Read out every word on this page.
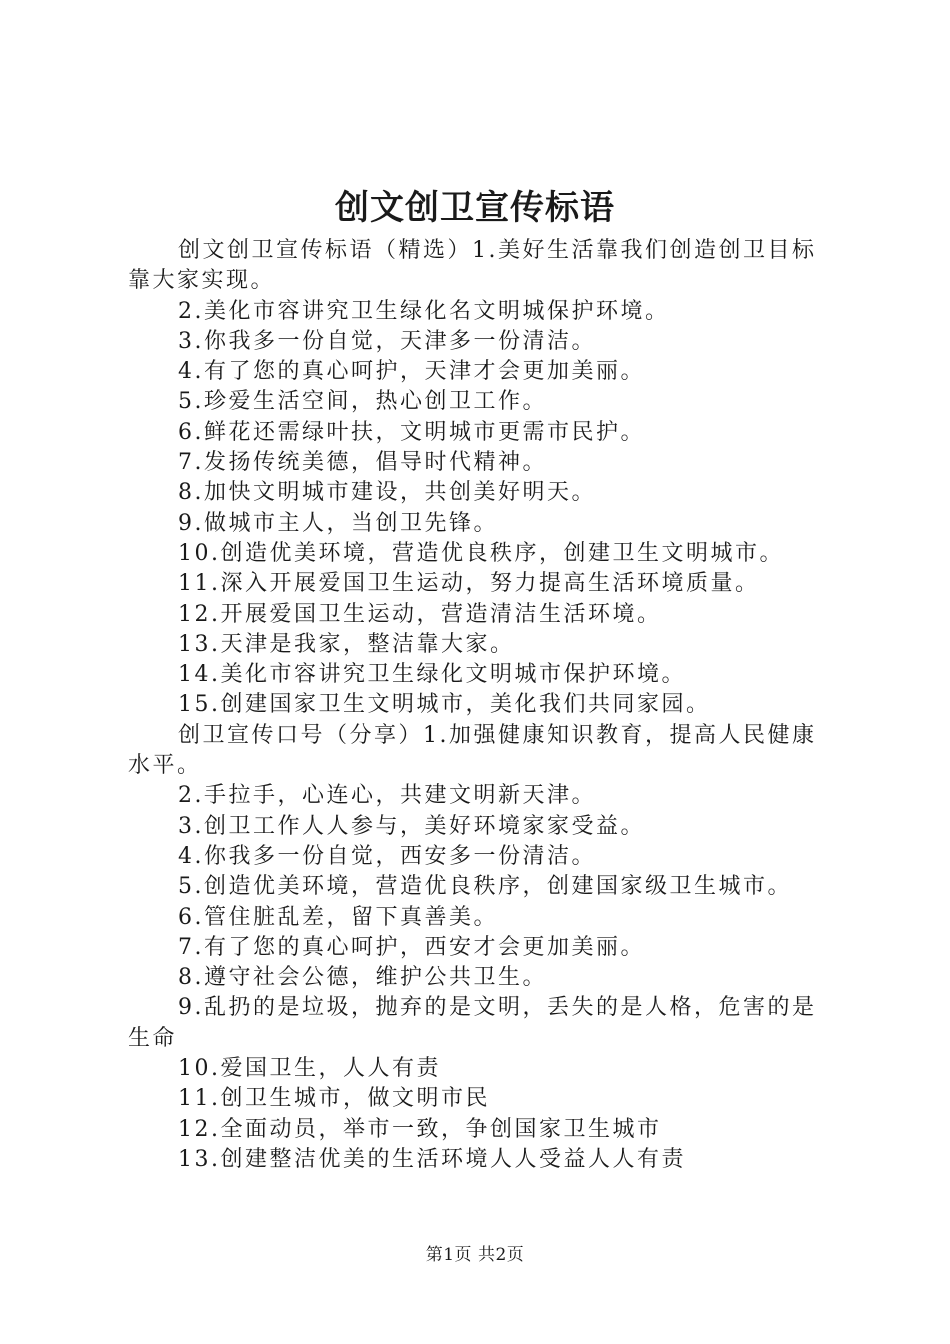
创文创卫宣传标语

创文创卫宣传标语（精选）1.美好生活靠我们创造创卫目标靠大家实现。

2.美化市容讲究卫生绿化名文明城保护环境。

3.你我多一份自觉，天津多一份清洁。

4.有了您的真心呵护，天津才会更加美丽。

5.珍爱生活空间，热心创卫工作。

6.鲜花还需绿叶扶，文明城市更需市民护。

7.发扬传统美德，倡导时代精神。

8.加快文明城市建设，共创美好明天。

9.做城市主人，当创卫先锋。

10.创造优美环境，营造优良秩序，创建卫生文明城市。

11.深入开展爱国卫生运动，努力提高生活环境质量。

12.开展爱国卫生运动，营造清洁生活环境。

13.天津是我家，整洁靠大家。

14.美化市容讲究卫生绿化文明城市保护环境。

15.创建国家卫生文明城市，美化我们共同家园。

创卫宣传口号（分享）1.加强健康知识教育，提高人民健康水平。

2.手拉手，心连心，共建文明新天津。

3.创卫工作人人参与，美好环境家家受益。

4.你我多一份自觉，西安多一份清洁。

5.创造优美环境，营造优良秩序，创建国家级卫生城市。

6.管住脏乱差，留下真善美。

7.有了您的真心呵护，西安才会更加美丽。

8.遵守社会公德，维护公共卫生。

9.乱扔的是垃圾，抛弃的是文明，丢失的是人格，危害的是生命

10.爱国卫生，人人有责

11.创卫生城市，做文明市民

12.全面动员，举市一致，争创国家卫生城市

13.创建整洁优美的生活环境人人受益人人有责

第1页 共2页
